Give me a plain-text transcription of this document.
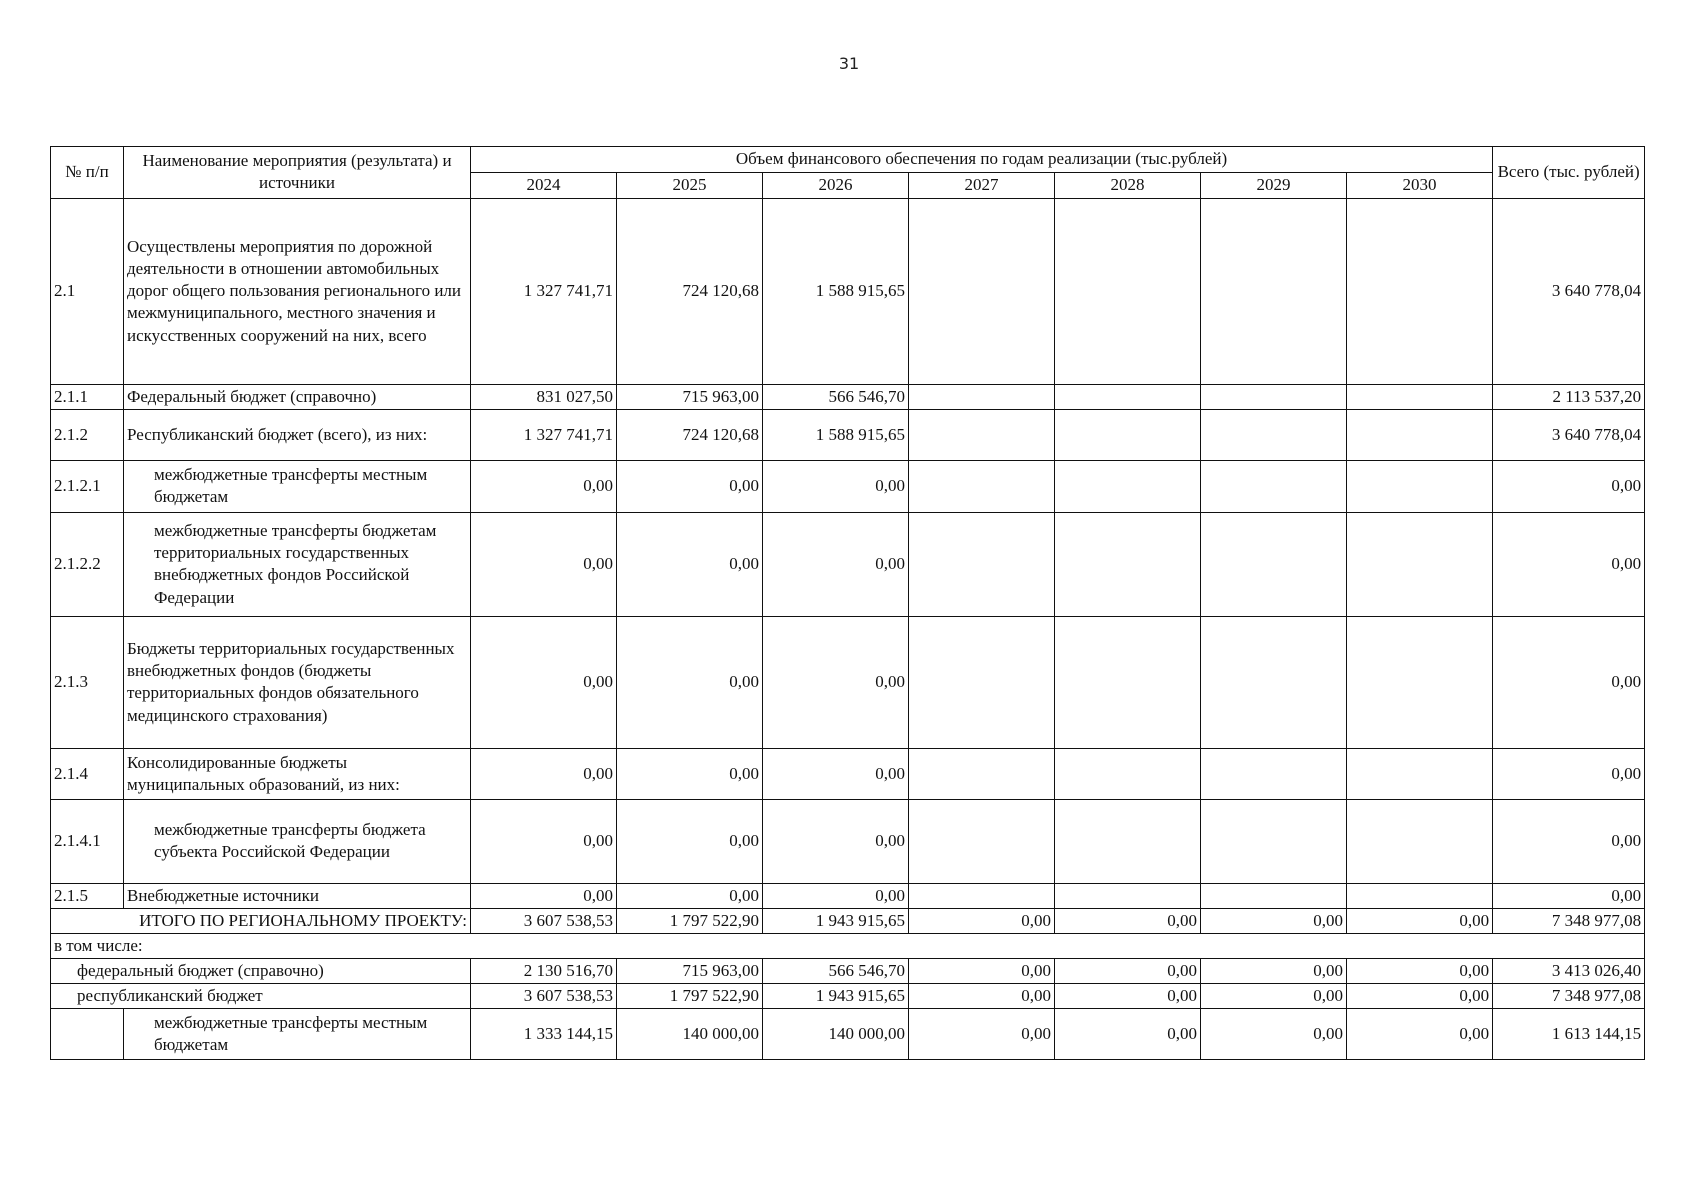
31
№ п/п	Наименование мероприятия (результата) и источники	Объем финансового обеспечения по годам реализации (тыс.рублей)							Всего (тыс. рублей)
		2024	2025	2026	2027	2028	2029	2030	
2.1	Осуществлены мероприятия по дорожной деятельности в отношении автомобильных дорог общего пользования регионального или межмуниципального, местного значения и искусственных сооружений на них, всего	1 327 741,71	724 120,68	1 588 915,65					3 640 778,04
2.1.1	Федеральный бюджет (справочно)	831 027,50	715 963,00	566 546,70					2 113 537,20
2.1.2	Республиканский бюджет (всего), из них:	1 327 741,71	724 120,68	1 588 915,65					3 640 778,04
2.1.2.1	межбюджетные трансферты местным бюджетам	0,00	0,00	0,00					0,00
2.1.2.2	межбюджетные трансферты бюджетам территориальных государственных внебюджетных фондов Российской Федерации	0,00	0,00	0,00					0,00
2.1.3	Бюджеты территориальных государственных внебюджетных фондов (бюджеты территориальных фондов обязательного медицинского страхования)	0,00	0,00	0,00					0,00
2.1.4	Консолидированные бюджеты муниципальных образований, из них:	0,00	0,00	0,00					0,00
2.1.4.1	межбюджетные трансферты бюджета субъекта Российской Федерации	0,00	0,00	0,00					0,00
2.1.5	Внебюджетные источники	0,00	0,00	0,00					0,00
ИТОГО ПО РЕГИОНАЛЬНОМУ ПРОЕКТУ:		3 607 538,53	1 797 522,90	1 943 915,65	0,00	0,00	0,00	0,00	7 348 977,08
в том числе:									
федеральный бюджет (справочно)		2 130 516,70	715 963,00	566 546,70	0,00	0,00	0,00	0,00	3 413 026,40
республиканский бюджет		3 607 538,53	1 797 522,90	1 943 915,65	0,00	0,00	0,00	0,00	7 348 977,08
	межбюджетные трансферты местным бюджетам	1 333 144,15	140 000,00	140 000,00	0,00	0,00	0,00	0,00	1 613 144,15
